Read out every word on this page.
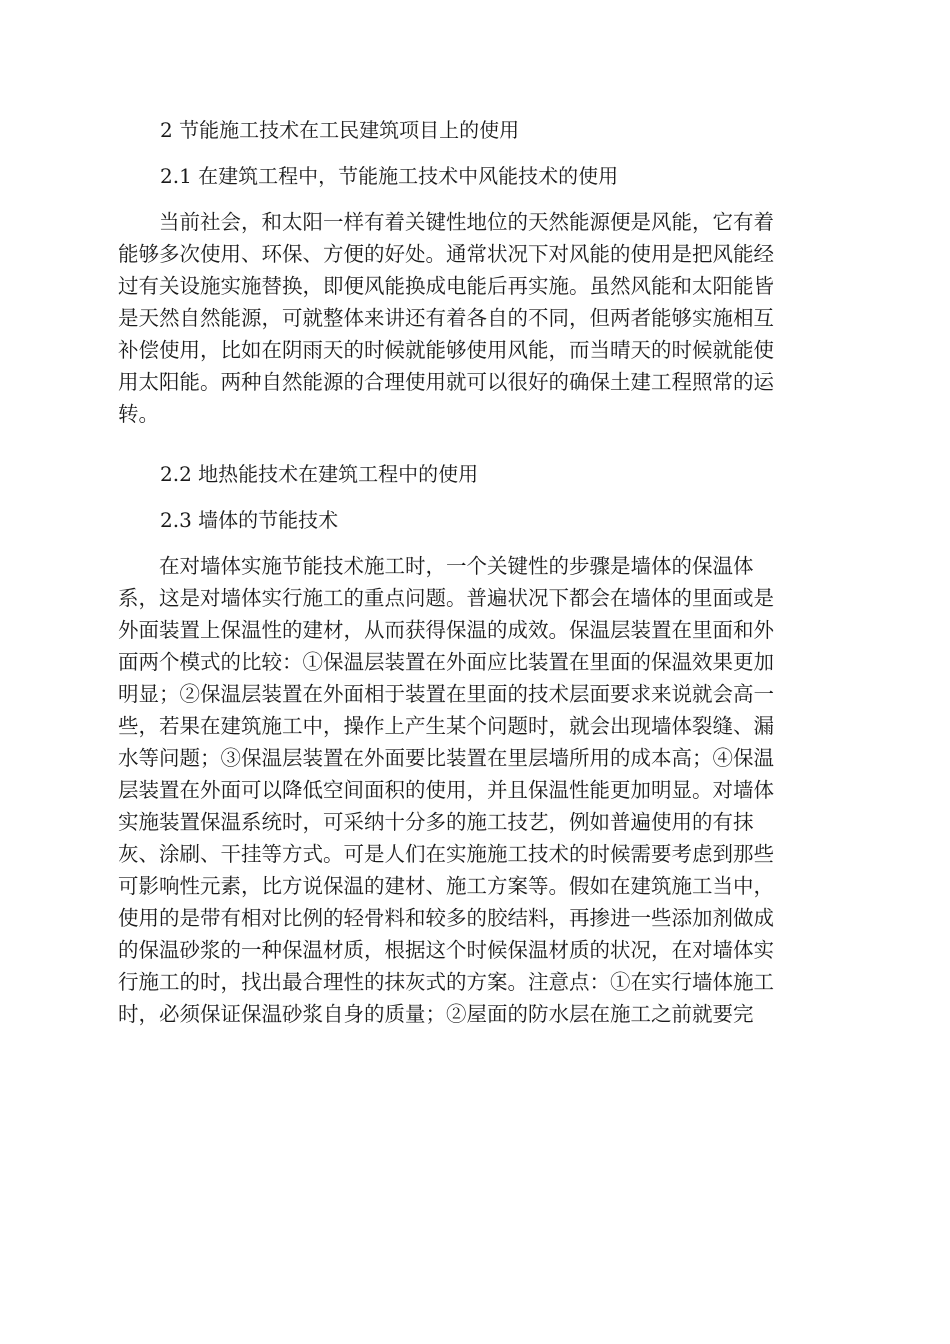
2 节能施工技术在工民建筑项目上的使用
2.1 在建筑工程中，节能施工技术中风能技术的使用
　　当前社会，和太阳一样有着关键性地位的天然能源便是风能，它有着
能够多次使用、环保、方便的好处。通常状况下对风能的使用是把风能经
过有关设施实施替换，即便风能换成电能后再实施。虽然风能和太阳能皆
是天然自然能源，可就整体来讲还有着各自的不同，但两者能够实施相互
补偿使用，比如在阴雨天的时候就能够使用风能，而当晴天的时候就能使
用太阳能。两种自然能源的合理使用就可以很好的确保土建工程照常的运
转。
2.2 地热能技术在建筑工程中的使用
2.3 墙体的节能技术
　　在对墙体实施节能技术施工时，一个关键性的步骤是墙体的保温体
系，这是对墙体实行施工的重点问题。普遍状况下都会在墙体的里面或是
外面装置上保温性的建材，从而获得保温的成效。保温层装置在里面和外
面两个模式的比较：①保温层装置在外面应比装置在里面的保温效果更加
明显；②保温层装置在外面相于装置在里面的技术层面要求来说就会高一
些，若果在建筑施工中，操作上产生某个问题时，就会出现墙体裂缝、漏
水等问题；③保温层装置在外面要比装置在里层墙所用的成本高；④保温
层装置在外面可以降低空间面积的使用，并且保温性能更加明显。对墙体
实施装置保温系统时，可采纳十分多的施工技艺，例如普遍使用的有抹
灰、涂刷、干挂等方式。可是人们在实施施工技术的时候需要考虑到那些
可影响性元素，比方说保温的建材、施工方案等。假如在建筑施工当中，
使用的是带有相对比例的轻骨料和较多的胶结料，再掺进一些添加剂做成
的保温砂浆的一种保温材质，根据这个时候保温材质的状况，在对墙体实
行施工的时，找出最合理性的抹灰式的方案。注意点：①在实行墙体施工
时，必须保证保温砂浆自身的质量；②屋面的防水层在施工之前就要完
